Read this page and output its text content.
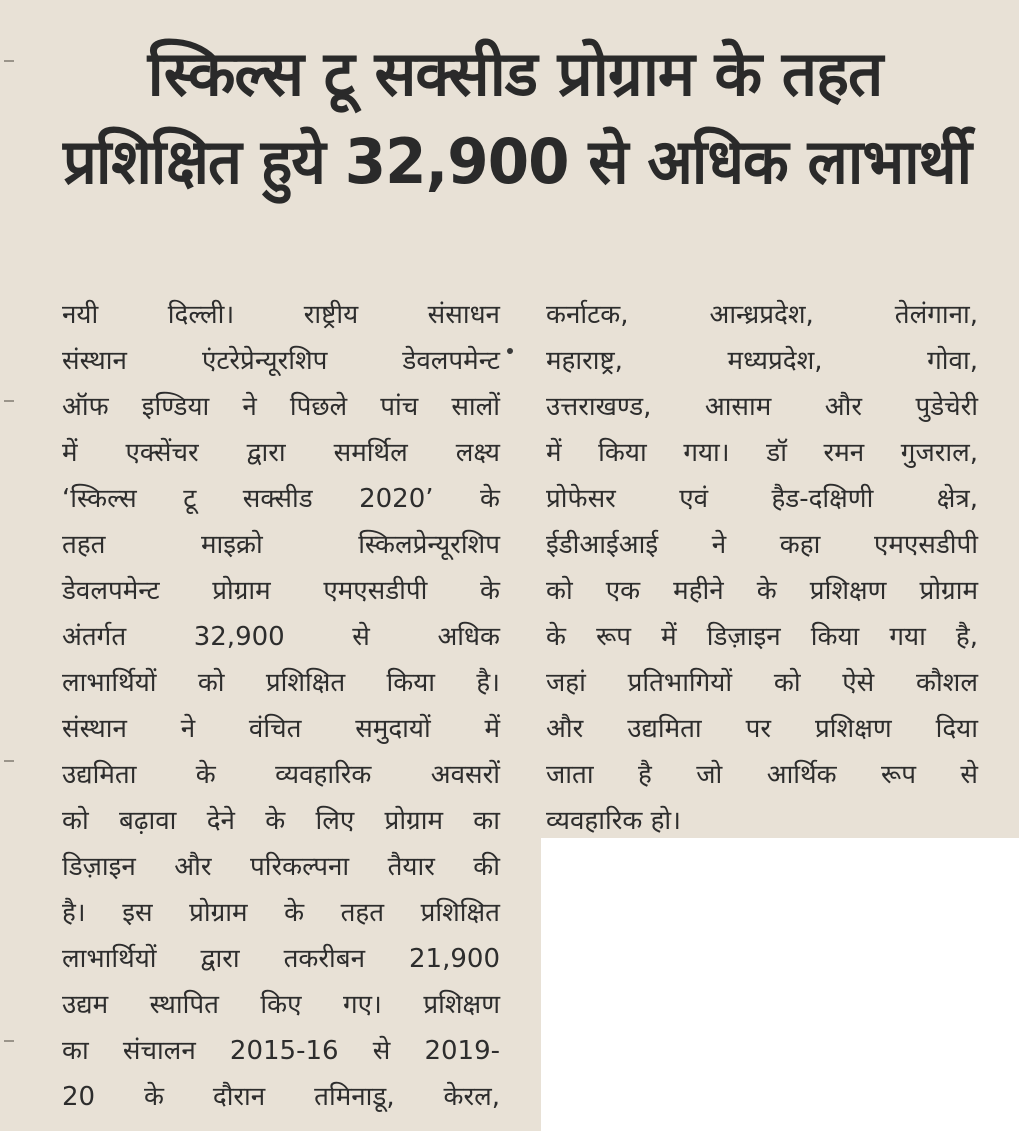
स्किल्स टू सक्सीड प्रोग्राम के तहत
प्रशिक्षित हुये 32,900 से अधिक लाभार्थी
नयी दिल्ली। राष्ट्रीय संसाधन
संस्थान एंटरेप्रेन्यूरशिप डेवलपमेन्ट
ऑफ इण्डिया ने पिछले पांच सालों
में एक्सेंचर द्वारा समर्थिल लक्ष्य
‘स्किल्स टू सक्सीड 2020’ के
तहत माइक्रो स्किलप्रेन्यूरशिप
डेवलपमेन्ट प्रोग्राम एमएसडीपी के
अंतर्गत 32,900 से अधिक
लाभार्थियों को प्रशिक्षित किया है।
संस्थान ने वंचित समुदायों में
उद्यमिता के व्यवहारिक अवसरों
को बढ़ावा देने के लिए प्रोग्राम का
डिज़ाइन और परिकल्पना तैयार की
है। इस प्रोग्राम के तहत प्रशिक्षित
लाभार्थियों द्वारा तकरीबन 21,900
उद्यम स्थापित किए गए। प्रशिक्षण
का संचालन 2015-16 से 2019-
20 के दौरान तमिनाडू, केरल,
कर्नाटक, आन्ध्रप्रदेश, तेलंगाना,
महाराष्ट्र, मध्यप्रदेश, गोवा,
उत्तराखण्ड, आसाम और पुडेचेरी
में किया गया। डॉ रमन गुजराल,
प्रोफेसर एवं हैड-दक्षिणी क्षेत्र,
ईडीआईआई ने कहा एमएसडीपी
को एक महीने के प्रशिक्षण प्रोग्राम
के रूप में डिज़ाइन किया गया है,
जहां प्रतिभागियों को ऐसे कौशल
और उद्यमिता पर प्रशिक्षण दिया
जाता है जो आर्थिक रूप से
व्यवहारिक हो।
